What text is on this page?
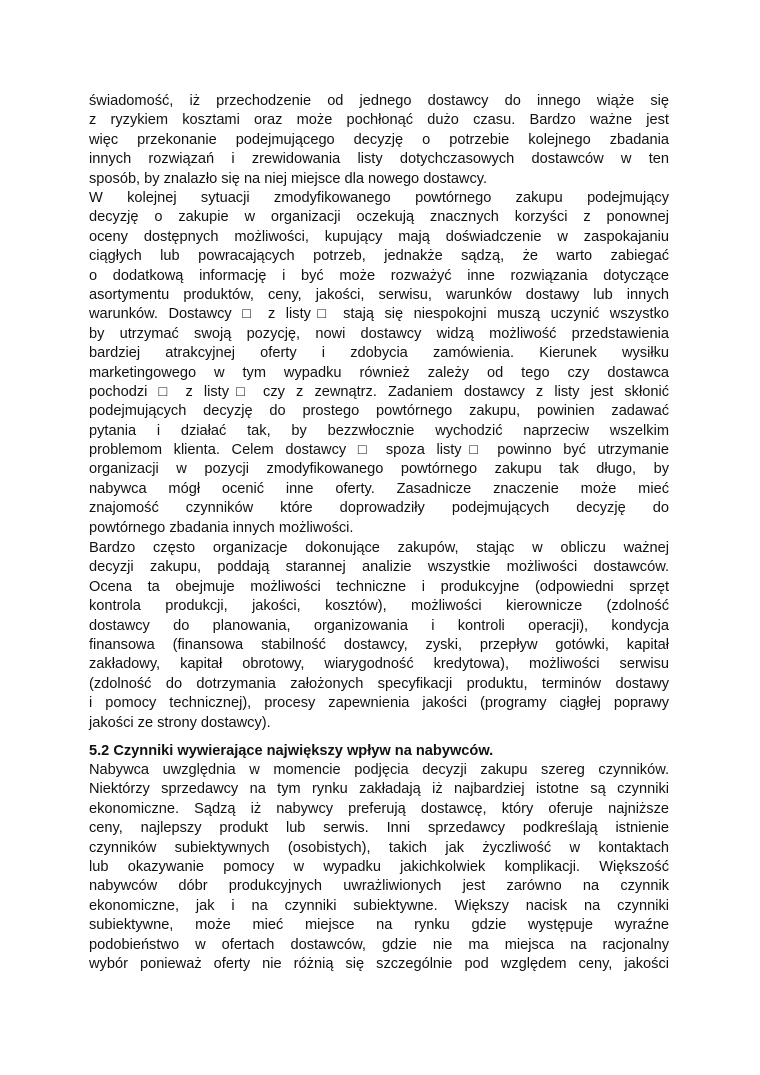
świadomość, iż przechodzenie od jednego dostawcy do innego wiąże się
z ryzykiem kosztami oraz może pochłonąć dużo czasu. Bardzo ważne jest
więc przekonanie podejmującego decyzję o potrzebie kolejnego zbadania
innych rozwiązań i zrewidowania listy dotychczasowych dostawców w ten
sposób, by znalazło się na niej miejsce dla nowego dostawcy.
W kolejnej sytuacji zmodyfikowanego powtórnego zakupu podejmujący
decyzję o zakupie w organizacji oczekują znacznych korzyści z ponownej
oceny dostępnych możliwości, kupujący mają doświadczenie w zaspokajaniu
ciągłych lub powracających potrzeb, jednakże sądzą, że warto zabiegać
o dodatkową informację i być może rozważyć inne rozwiązania dotyczące
asortymentu produktów, ceny, jakości, serwisu, warunków dostawy lub innych
warunków. Dostawcy □ z listy□ stają się niespokojni muszą uczynić wszystko
by utrzymać swoją pozycję, nowi dostawcy widzą możliwość przedstawienia
bardziej atrakcyjnej oferty i zdobycia zamówienia. Kierunek wysiłku
marketingowego w tym wypadku również zależy od tego czy dostawca
pochodzi □ z listy□ czy z zewnątrz. Zadaniem dostawcy z listy jest skłonić
podejmujących decyzję do prostego powtórnego zakupu, powinien zadawać
pytania i działać tak, by bezzwłocznie wychodzić naprzeciw wszelkim
problemom klienta. Celem dostawcy □ spoza listy□ powinno być utrzymanie
organizacji w pozycji zmodyfikowanego powtórnego zakupu tak długo, by
nabywca mógł ocenić inne oferty. Zasadnicze znaczenie może mieć
znajomość czynników które doprowadziły podejmujących decyzję do
powtórnego zbadania innych możliwości.
Bardzo często organizacje dokonujące zakupów, stając w obliczu ważnej
decyzji zakupu, poddają starannej analizie wszystkie możliwości dostawców.
Ocena ta obejmuje możliwości techniczne i produkcyjne (odpowiedni sprzęt
kontrola produkcji, jakości, kosztów), możliwości kierownicze (zdolność
dostawcy do planowania, organizowania i kontroli operacji), kondycja
finansowa (finansowa stabilność dostawcy, zyski, przepływ gotówki, kapitał
zakładowy, kapitał obrotowy, wiarygodność kredytowa), możliwości serwisu
(zdolność do dotrzymania założonych specyfikacji produktu, terminów dostawy
i pomocy technicznej), procesy zapewnienia jakości (programy ciągłej poprawy
jakości ze strony dostawcy).
5.2 Czynniki wywierające największy wpływ na nabywców.
Nabywca uwzględnia w momencie podjęcia decyzji zakupu szereg czynników.
Niektórzy sprzedawcy na tym rynku zakładają iż najbardziej istotne są czynniki
ekonomiczne. Sądzą iż nabywcy preferują dostawcę, który oferuje najniższe
ceny, najlepszy produkt lub serwis. Inni sprzedawcy podkreślają istnienie
czynników subiektywnych (osobistych), takich jak życzliwość w kontaktach
lub okazywanie pomocy w wypadku jakichkolwiek komplikacji. Większość
nabywców dóbr produkcyjnych uwrażliwionych jest zarówno na czynnik
ekonomiczne, jak i na czynniki subiektywne. Większy nacisk na czynniki
subiektywne, może mieć miejsce na rynku gdzie występuje wyraźne
podobieństwo w ofertach dostawców, gdzie nie ma miejsca na racjonalny
wybór ponieważ oferty nie różnią się szczególnie pod względem ceny, jakości
